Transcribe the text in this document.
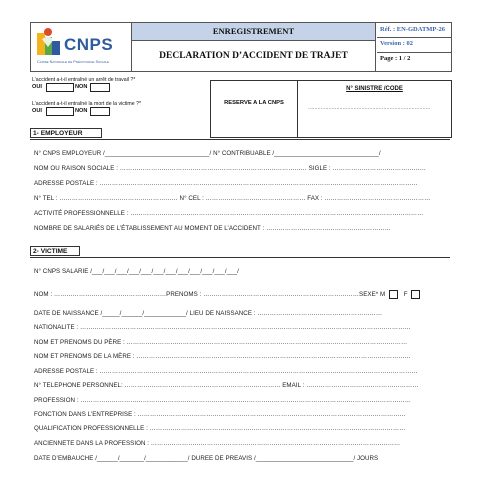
CNPS
Caisse Nationale de Prévoyance Sociale
ENREGISTREMENT
DECLARATION D’ACCIDENT DE TRAJET
Réf. : EN-GDATMP-26
Version : 02
Page : 1 / 2
L’accident a-t-il entraîné un arrêt de travail ?*
OUI	NON
L’accident a-t-il entraîné la mort de la victime ?*
OUI	NON
RESERVE A LA CNPS
N° SINISTRE /CODE
……………………………………………………………………
1- EMPLOYEUR
N° CNPS EMPLOYEUR /______________________________/ N° CONTRIBUABLE /______________________________/
NOM OU RAISON SOCIALE : ……………………………………………………………………………… SIGLE : ………………………………………
ADRESSE POSTALE : ………………………………………………………………………………………………………………………………………
N° TEL : ………………………………………………… N° CEL : ………………………………………… FAX : ……………………………………………
ACTIVITÉ PROFESSIONNELLE : ……………………………………………………………………………………………………………………………
NOMBRE DE SALARIÉS DE L’ÉTABLISSEMENT AU MOMENT DE L’ACCIDENT : ……………………………………………………
2- VICTIME
N° CNPS SALARIE /___/___/___/___/___/___/___/___/___/___/___/___/
NOM : ………………………………………………PRENOMS : …………………………………………………………………SEXE* M	F
DATE DE NAISSANCE /_____/______/____________/ LIEU DE NAISSANCE : ……………………………………………………
NATIONALITE : ……………………………………………………………………………………………………………………………………………
NOM ET PRENOMS DU PÈRE : ………………………………………………………………………………………………………………………
NOM ET PRENOMS DE LA MÈRE : ……………………………………………………………………………………………………………………
ADRESSE POSTALE : ………………………………………………………………………………………………………………………………………
N° TELEPHONE PERSONNEL: ………………………………………………………………… EMAIL : ………………………………………………
PROFESSION : ……………………………………………………………………………………………………………………………………………
FONCTION DANS L’ENTREPRISE : …………………………………………………………………………………………………………………
QUALIFICATION PROFESSIONNELLE : ……………………………………………………………………………………………………………
ANCIENNETE DANS LA PROFESSION : …………………………………………………………………………………………………………
DATE D’EMBAUCHE /______/_______/____________/ DUREE DE PREAVIS /____________________________/ JOURS
